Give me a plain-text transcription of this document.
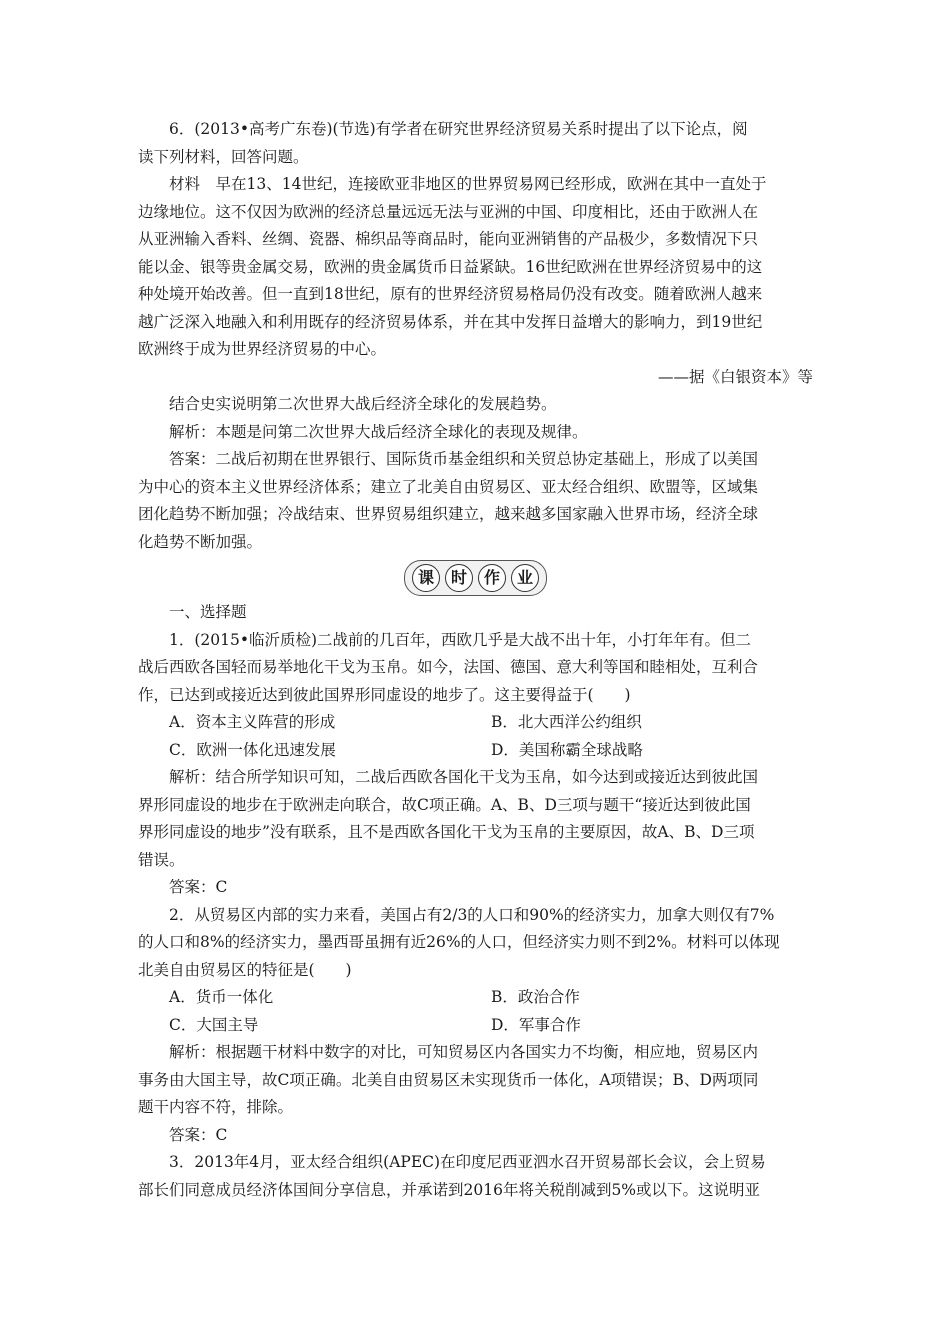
6．(2013•高考广东卷)(节选)有学者在研究世界经济贸易关系时提出了以下论点，阅

读下列材料，回答问题。

材料　早在13、14世纪，连接欧亚非地区的世界贸易网已经形成，欧洲在其中一直处于

边缘地位。这不仅因为欧洲的经济总量远远无法与亚洲的中国、印度相比，还由于欧洲人在

从亚洲输入香料、丝绸、瓷器、棉织品等商品时，能向亚洲销售的产品极少，多数情况下只

能以金、银等贵金属交易，欧洲的贵金属货币日益紧缺。16世纪欧洲在世界经济贸易中的这

种处境开始改善。但一直到18世纪，原有的世界经济贸易格局仍没有改变。随着欧洲人越来

越广泛深入地融入和利用既存的经济贸易体系，并在其中发挥日益增大的影响力，到19世纪

欧洲终于成为世界经济贸易的中心。

——据《白银资本》等

结合史实说明第二次世界大战后经济全球化的发展趋势。

解析：本题是问第二次世界大战后经济全球化的表现及规律。

答案：二战后初期在世界银行、国际货币基金组织和关贸总协定基础上，形成了以美国

为中心的资本主义世界经济体系；建立了北美自由贸易区、亚太经合组织、欧盟等，区域集

团化趋势不断加强；冷战结束、世界贸易组织建立，越来越多国家融入世界市场，经济全球

化趋势不断加强。

课	时	作	业

一、选择题

1．(2015•临沂质检)二战前的几百年，西欧几乎是大战不出十年，小打年年有。但二

战后西欧各国轻而易举地化干戈为玉帛。如今，法国、德国、意大利等国和睦相处，互利合

作，已达到或接近达到彼此国界形同虚设的地步了。这主要得益于(　　)

A．资本主义阵营的形成	B．北大西洋公约组织
C．欧洲一体化迅速发展	D．美国称霸全球战略

解析：结合所学知识可知，二战后西欧各国化干戈为玉帛，如今达到或接近达到彼此国

界形同虚设的地步在于欧洲走向联合，故C项正确。A、B、D三项与题干“接近达到彼此国

界形同虚设的地步”没有联系，且不是西欧各国化干戈为玉帛的主要原因，故A、B、D三项

错误。

答案：C

2．从贸易区内部的实力来看，美国占有2/3的人口和90%的经济实力，加拿大则仅有7%

的人口和8%的经济实力，墨西哥虽拥有近26%的人口，但经济实力则不到2%。材料可以体现

北美自由贸易区的特征是(　　)

A．货币一体化	B．政治合作
C．大国主导	D．军事合作

解析：根据题干材料中数字的对比，可知贸易区内各国实力不均衡，相应地，贸易区内

事务由大国主导，故C项正确。北美自由贸易区未实现货币一体化，A项错误；B、D两项同

题干内容不符，排除。

答案：C

3．2013年4月，亚太经合组织(APEC)在印度尼西亚泗水召开贸易部长会议，会上贸易

部长们同意成员经济体国间分享信息，并承诺到2016年将关税削减到5%或以下。这说明亚
